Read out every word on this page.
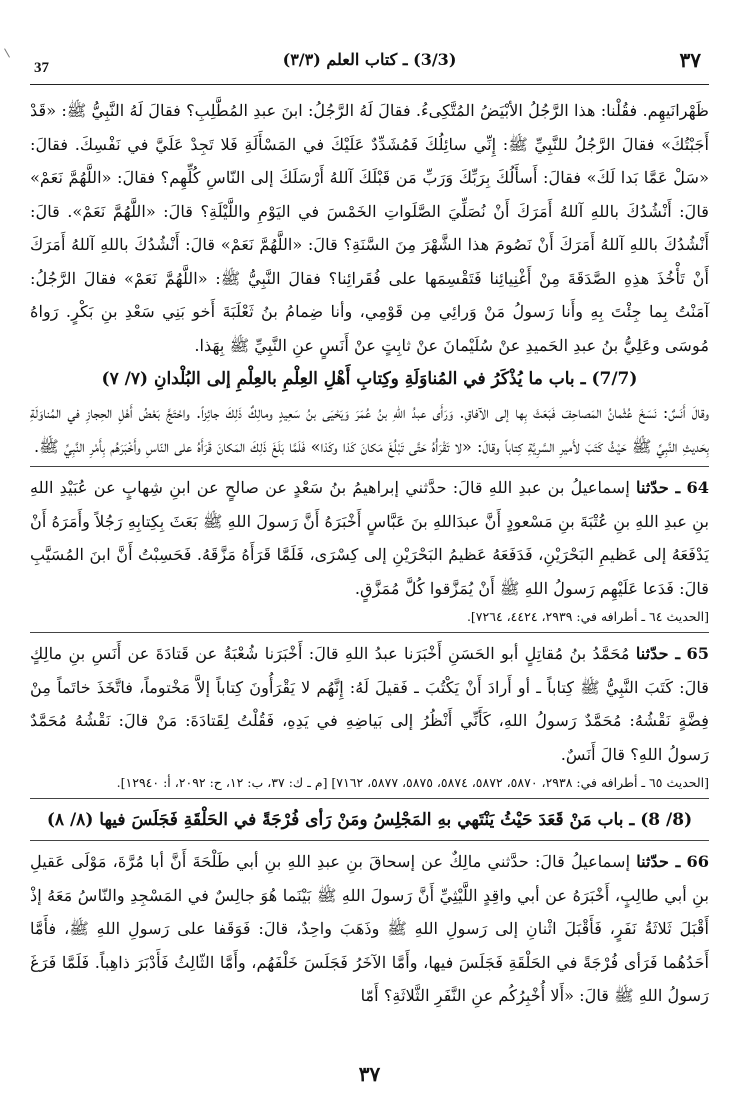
37	(3/3) ـ كتاب العلم (٣/٣)	٣٧

ظَهْرانَيهِم. فقُلْنا: هذا الرَّجُلُ الأبْيَضُ المُتَّكِىءُ. فقالَ لَهُ الرَّجُلُ: ابنَ عبدِ المُطَّلِبِ؟ فقالَ لَهُ النَّبِيُّ ﷺ: «قَدْ أَجَبْتُكَ» فقالَ الرَّجُلُ للنَّبِيِّ ﷺ: إِنِّي سائِلُكَ فَمُشَدِّدٌ عَلَيْكَ في المَسْأَلَةِ فَلا تَجِدْ عَلَيَّ في نَفْسِكَ. فقالَ: «سَلْ عَمَّا بَدا لَكَ» فقالَ: أَسأَلُكَ بِرَبِّكَ وَرَبِّ مَن قَبْلَكَ آللهُ أَرْسَلَكَ إلى النّاسِ كُلِّهِم؟ فقالَ: «اللَّهُمَّ نَعَمْ» قالَ: أَنْشُدُكَ باللهِ آللهُ أَمَرَكَ أَنْ نُصَلِّيَ الصَّلَواتِ الخَمْسَ في اليَوْمِ واللَّيْلَةِ؟ قالَ: «اللَّهُمَّ نَعَمْ». قالَ: أَنْشُدُكَ باللهِ آللهُ أَمَرَكَ أَنْ نَصُومَ هذا الشَّهْرَ مِنَ السَّنَةِ؟ قالَ: «اللَّهُمَّ نَعَمْ» قالَ: أَنْشُدُكَ باللهِ آللهُ أَمَرَكَ أَنْ تَأْخُذَ هذِهِ الصَّدَقَةَ مِنْ أَغْنِيائِنا فَتَقْسِمَها على فُقَرائِنا؟ فقالَ النَّبِيُّ ﷺ: «اللَّهُمَّ نَعَمْ» فقالَ الرَّجُلُ: آمَنْتُ بِما جِئْتَ بِهِ وأَنا رَسولُ مَنْ وَرائِي مِن قَوْمِي، وأنا ضِمامُ بنُ ثَعْلَبَةَ أَخو بَنِي سَعْدِ بنِ بَكْرٍ. رَواهُ مُوسَى وعَلِيُّ بنُ عبدِ الحَميدِ عنْ سُلَيْمانَ عنْ ثابِتٍ عنْ أَنَسٍ عنِ النَّبِيِّ ﷺ بِهَذا.

(7/7) ـ باب ما يُذْكَرُ في المُناوَلَةِ وكِتابِ أَهْلِ العِلْمِ بالعِلْمِ إلى البُلْدانِ (٧/ ٧)

وقالَ أَنَسٌ: نَسَخَ عُثْمانُ المَصاحِفَ فَبَعَثَ بِها إلى الآفاقِ. وَرَأَى عبدُ اللهِ بنُ عُمَرَ وَيَحْيَى بنُ سَعِيدٍ ومالِكٌ ذَلِكَ جائِزاً. واحْتَجَّ بَعْضُ أَهْلِ الحِجازِ في المُناوَلَةِ بِحَديثِ النَّبِيِّ ﷺ حَيْثُ كَتَبَ لأَميرِ السَّرِيَّةِ كِتاباً وقالَ: «لا تَقْرَأْهُ حَتَّى تَبْلُغَ مَكانَ كَذا وكَذا» فَلَمَّا بَلَغَ ذَلِكَ المَكانَ قَرَأَهُ على النّاسِ وأَخْبَرَهُم بِأَمْرِ النَّبِيِّ ﷺ.

64 ـ حدّثنا إسماعيلُ بن عبدِ اللهِ قالَ: حدَّثني إبراهيمُ بنُ سَعْدٍ عن صالحٍ عن ابنِ شِهابٍ عن عُبَيْدِ اللهِ بنِ عبدِ اللهِ بنِ عُتْبَةَ بنِ مَسْعودٍ أَنَّ عبدَاللهِ بنَ عَبَّاسٍ أَخْبَرَهُ أَنَّ رَسولَ اللهِ ﷺ بَعَثَ بِكِتابِهِ رَجُلاً وأَمَرَهُ أَنْ يَدْفَعَهُ إلى عَظيمِ البَحْرَيْنِ، فَدَفَعَهُ عَظيمُ البَحْرَيْنِ إلى كِسْرَى، فَلَمَّا قَرَأَهُ مَزَّقَهُ. فَحَسِبْتُ أَنَّ ابنَ المُسَيَّبِ قالَ: فَدَعا عَلَيْهِم رَسولُ اللهِ ﷺ أَنْ يُمَزَّقوا كُلَّ مُمَزَّقٍ.

[الحديث ٦٤ ـ أطرافه في: ٢٩٣٩، ٤٤٢٤، ٧٢٦٤].

65 ـ حدّثنا مُحَمَّدُ بنُ مُقاتِلٍ أبو الحَسَنِ أَخْبَرَنا عبدُ اللهِ قالَ: أَخْبَرَنا شُعْبَةُ عن قَتادَةَ عن أَنَسِ بنِ مالِكٍ قالَ: كَتَبَ النَّبِيُّ ﷺ كِتاباً ـ أو أَرادَ أَنْ يَكْتُبَ ـ فَقيلَ لَهُ: إِنَّهُم لا يَقْرَأُونَ كِتاباً إلاَّ مَخْتوماً، فاتَّخَذَ خاتَماً مِنْ فِضَّةٍ نَقْشُهُ: مُحَمَّدٌ رَسولُ اللهِ، كَأَنِّي أَنْظُرُ إلى بَياضِهِ في يَدِهِ، فَقُلْتُ لِقَتادَةَ: مَنْ قالَ: نَقْشُهُ مُحَمَّدٌ رَسولُ اللهِ؟ قالَ أَنَسٌ.

[الحديث ٦٥ ـ أطرافه في: ٢٩٣٨، ٥٨٧٠، ٥٨٧٢، ٥٨٧٤، ٥٨٧٥، ٥٨٧٧، ٧١٦٢] [م ـ ك: ٣٧، ب: ١٢، ح: ٢٠٩٢، أ: ١٢٩٤٠].

(8/ 8) ـ باب مَنْ قَعَدَ حَيْثُ يَنْتَهي بهِ المَجْلِسُ ومَنْ رَأى فُرْجَةً في الحَلْقَةِ فَجَلَسَ فيها (٨/ ٨)

66 ـ حدّثنا إسماعيلُ قالَ: حدَّثني مالِكٌ عن إسحاقَ بنِ عبدِ اللهِ بنِ أبي طَلْحَةَ أَنَّ أبا مُرَّةَ، مَوْلَى عَقيلِ بنِ أبي طالِبٍ، أَخْبَرَهُ عن أبي واقِدٍ اللَّيْثِيِّ أَنَّ رَسولَ اللهِ ﷺ بَيْنَما هُوَ جالِسٌ في المَسْجِدِ والنّاسُ مَعَهُ إذْ أَقْبَلَ ثَلاثَةُ نَفَرٍ، فَأَقْبَلَ اثْنانِ إلى رَسولِ اللهِ ﷺ وذَهَبَ واحِدٌ، قالَ: فَوَقَفا على رَسولِ اللهِ ﷺ، فأَمَّا أَحَدُهُما فَرَأى فُرْجَةً في الحَلْقَةِ فَجَلَسَ فيها، وأَمَّا الآخَرُ فَجَلَسَ خَلْفَهُم، وأَمَّا الثّالِثُ فَأَدْبَرَ ذاهِباً. فَلَمَّا فَرَغَ رَسولُ اللهِ ﷺ قالَ: «أَلا أُخْبِرُكُم عنِ النَّفَرِ الثَّلاثَةِ؟ أَمّا

٣٧
